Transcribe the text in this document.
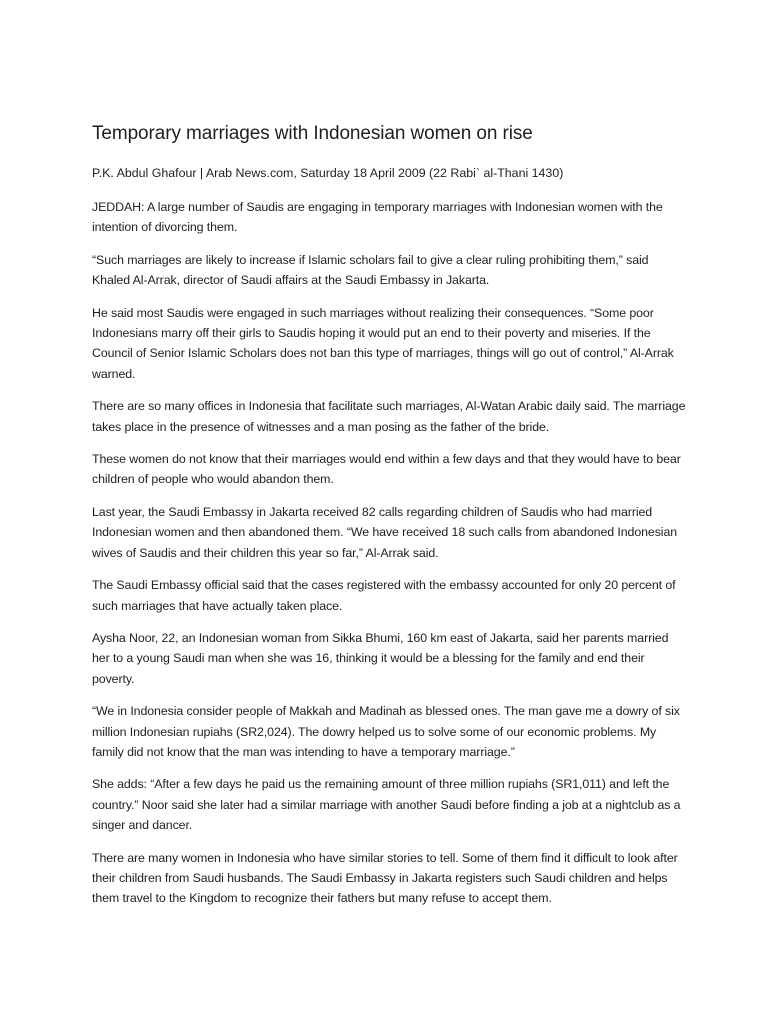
Temporary marriages with Indonesian women on rise

P.K. Abdul Ghafour | Arab News.com, Saturday 18 April 2009 (22 Rabi` al-Thani 1430)

JEDDAH: A large number of Saudis are engaging in temporary marriages with Indonesian women with the intention of divorcing them.

“Such marriages are likely to increase if Islamic scholars fail to give a clear ruling prohibiting them,” said Khaled Al-Arrak, director of Saudi affairs at the Saudi Embassy in Jakarta.

He said most Saudis were engaged in such marriages without realizing their consequences. “Some poor Indonesians marry off their girls to Saudis hoping it would put an end to their poverty and miseries. If the Council of Senior Islamic Scholars does not ban this type of marriages, things will go out of control,” Al-Arrak warned.

There are so many offices in Indonesia that facilitate such marriages, Al-Watan Arabic daily said. The marriage takes place in the presence of witnesses and a man posing as the father of the bride.

These women do not know that their marriages would end within a few days and that they would have to bear children of people who would abandon them.

Last year, the Saudi Embassy in Jakarta received 82 calls regarding children of Saudis who had married Indonesian women and then abandoned them. “We have received 18 such calls from abandoned Indonesian wives of Saudis and their children this year so far,” Al-Arrak said.

The Saudi Embassy official said that the cases registered with the embassy accounted for only 20 percent of such marriages that have actually taken place.

Aysha Noor, 22, an Indonesian woman from Sikka Bhumi, 160 km east of Jakarta, said her parents married her to a young Saudi man when she was 16, thinking it would be a blessing for the family and end their poverty.

“We in Indonesia consider people of Makkah and Madinah as blessed ones. The man gave me a dowry of six million Indonesian rupiahs (SR2,024). The dowry helped us to solve some of our economic problems. My family did not know that the man was intending to have a temporary marriage.”

She adds: “After a few days he paid us the remaining amount of three million rupiahs (SR1,011) and left the country.” Noor said she later had a similar marriage with another Saudi before finding a job at a nightclub as a singer and dancer.

There are many women in Indonesia who have similar stories to tell. Some of them find it difficult to look after their children from Saudi husbands. The Saudi Embassy in Jakarta registers such Saudi children and helps them travel to the Kingdom to recognize their fathers but many refuse to accept them.
